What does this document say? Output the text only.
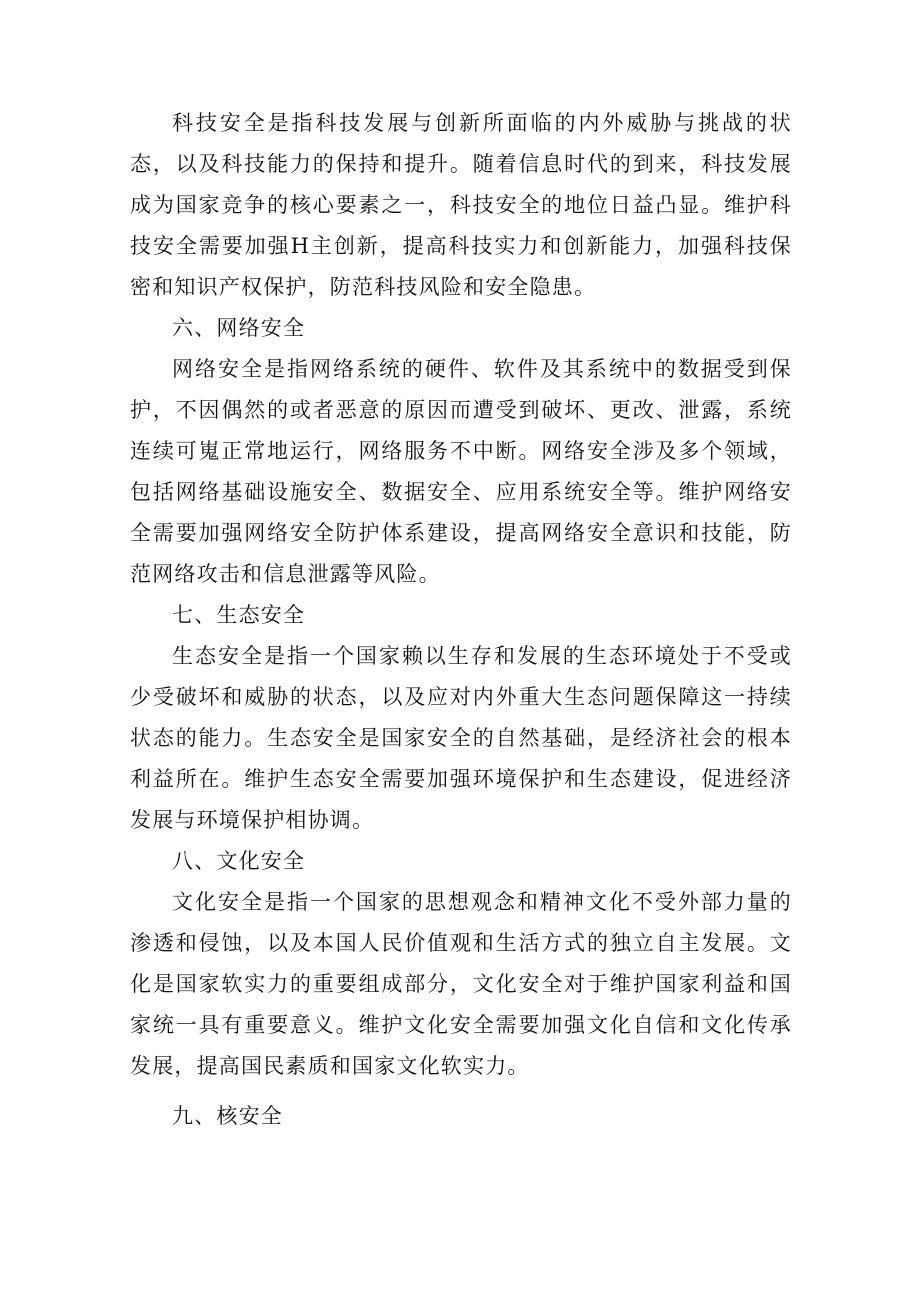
科技安全是指科技发展与创新所面临的内外威胁与挑战的状态，以及科技能力的保持和提升。随着信息时代的到来，科技发展成为国家竞争的核心要素之一，科技安全的地位日益凸显。维护科技安全需要加强H主创新，提高科技实力和创新能力，加强科技保密和知识产权保护，防范科技风险和安全隐患。

六、网络安全

网络安全是指网络系统的硬件、软件及其系统中的数据受到保护，不因偶然的或者恶意的原因而遭受到破坏、更改、泄露，系统连续可嵬正常地运行，网络服务不中断。网络安全涉及多个领域，包括网络基础设施安全、数据安全、应用系统安全等。维护网络安全需要加强网络安全防护体系建设，提高网络安全意识和技能，防范网络攻击和信息泄露等风险。

七、生态安全

生态安全是指一个国家赖以生存和发展的生态环境处于不受或少受破坏和威胁的状态，以及应对内外重大生态问题保障这一持续状态的能力。生态安全是国家安全的自然基础，是经济社会的根本利益所在。维护生态安全需要加强环境保护和生态建设，促进经济发展与环境保护相协调。

八、文化安全

文化安全是指一个国家的思想观念和精神文化不受外部力量的渗透和侵蚀，以及本国人民价值观和生活方式的独立自主发展。文化是国家软实力的重要组成部分，文化安全对于维护国家利益和国家统一具有重要意义。维护文化安全需要加强文化自信和文化传承发展，提高国民素质和国家文化软实力。

九、核安全
